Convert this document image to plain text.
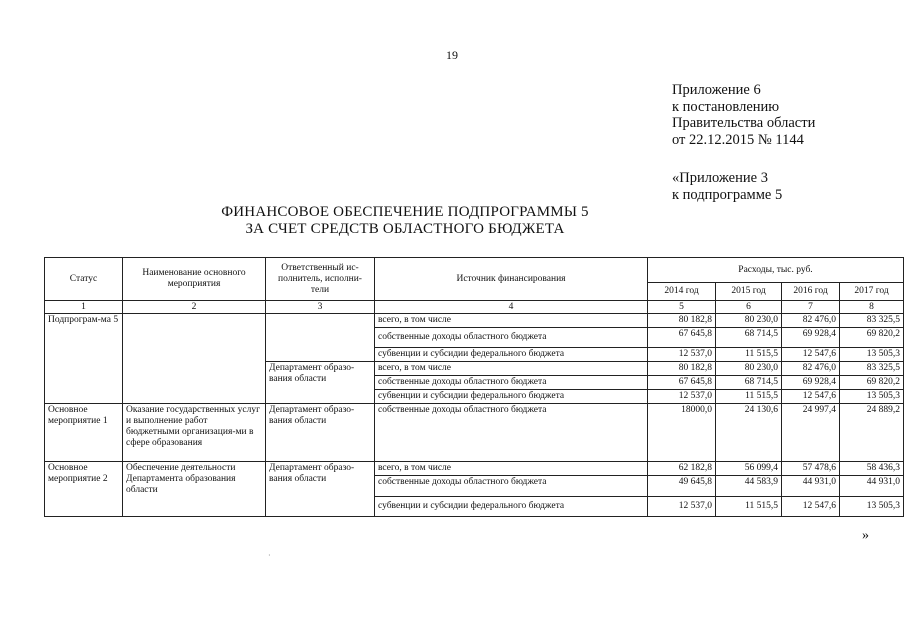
19
Приложение 6
к постановлению
Правительства области
от 22.12.2015 № 1144
«Приложение 3
к подпрограмме 5
ФИНАНСОВОЕ ОБЕСПЕЧЕНИЕ ПОДПРОГРАММЫ 5
ЗА СЧЕТ СРЕДСТВ ОБЛАСТНОГО БЮДЖЕТА
Статус	Наименование основного мероприятия	Ответственный ис-полнитель, исполни-тели	Источник финансирования	Расходы, тыс. руб.			
				2014 год	2015 год	2016 год	2017 год
1	2	3	4	5	6	7	8
Подпрограм-ма 5			всего, в том числе	80 182,8	80 230,0	82 476,0	83 325,5
			собственные доходы областного бюджета	67 645,8	68 714,5	69 928,4	69 820,2
			субвенции и субсидии федерального бюджета	12 537,0	11 515,5	12 547,6	13 505,3
		Департамент образо-вания области	всего, в том числе	80 182,8	80 230,0	82 476,0	83 325,5
			собственные доходы областного бюджета	67 645,8	68 714,5	69 928,4	69 820,2
			субвенции и субсидии федерального бюджета	12 537,0	11 515,5	12 547,6	13 505,3
Основное мероприятие 1	Оказание государственных услуг и выполнение работ бюджетными организация-ми в сфере образования	Департамент образо-вания области	собственные доходы областного бюджета	18000,0	24 130,6	24 997,4	24 889,2
Основное мероприятие 2	Обеспечение деятельности Департамента образования области	Департамент образо-вания области	всего, в том числе	62 182,8	56 099,4	57 478,6	58 436,3
			собственные доходы областного бюджета	49 645,8	44 583,9	44 931,0	44 931,0
			субвенции и субсидии федерального бюджета	12 537,0	11 515,5	12 547,6	13 505,3
»
·
